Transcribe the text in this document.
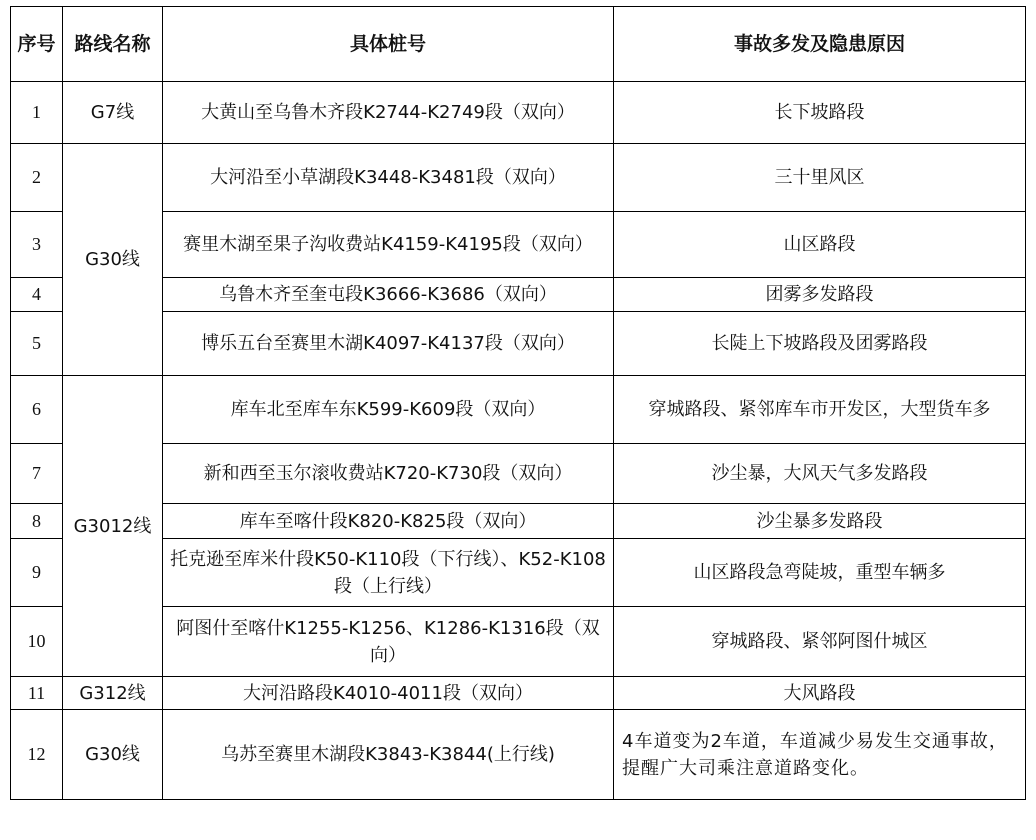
序号	路线名称	具体桩号	事故多发及隐患原因
1	G7线	大黄山至乌鲁木齐段K2744-K2749段（双向）	长下坡路段
2	G30线	大河沿至小草湖段K3448-K3481段（双向）	三十里风区
3		赛里木湖至果子沟收费站K4159-K4195段（双向）	山区路段
4		乌鲁木齐至奎屯段K3666-K3686（双向）	团雾多发路段
5		博乐五台至赛里木湖K4097-K4137段（双向）	长陡上下坡路段及团雾路段
6	G3012线	库车北至库车东K599-K609段（双向）	穿城路段、紧邻库车市开发区，大型货车多
7		新和西至玉尔滚收费站K720-K730段（双向）	沙尘暴，大风天气多发路段
8		库车至喀什段K820-K825段（双向）	沙尘暴多发路段
9		托克逊至库米什段K50-K110段（下行线）、K52-K108段（上行线）	山区路段急弯陡坡，重型车辆多
10		阿图什至喀什K1255-K1256、K1286-K1316段（双向）	穿城路段、紧邻阿图什城区
11	G312线	大河沿路段K4010-4011段（双向）	大风路段
12	G30线	乌苏至赛里木湖段K3843-K3844(上行线)	4车道变为2车道，车道减少易发生交通事故，提醒广大司乘注意道路变化。
